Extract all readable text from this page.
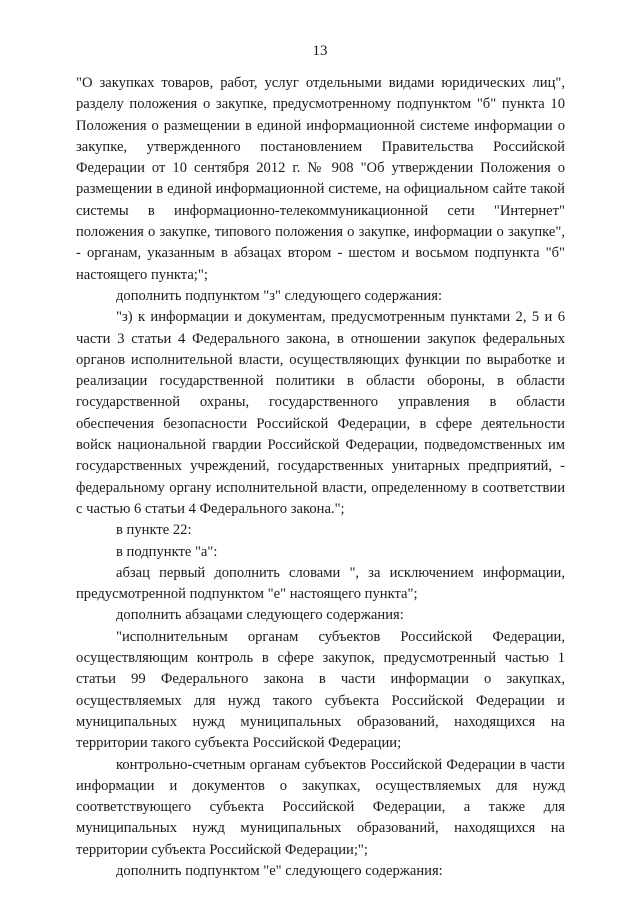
13

"О закупках товаров, работ, услуг отдельными видами юридических лиц", разделу положения о закупке, предусмотренному подпунктом "б" пункта 10 Положения о размещении в единой информационной системе информации о закупке, утвержденного постановлением Правительства Российской Федерации от 10 сентября 2012 г. № 908 "Об утверждении Положения о размещении в единой информационной системе, на официальном сайте такой системы в информационно-телекоммуникационной сети "Интернет" положения о закупке, типового положения о закупке, информации о закупке", - органам, указанным в абзацах втором - шестом и восьмом подпункта "б" настоящего пункта;";

дополнить подпунктом "з" следующего содержания:

"з) к информации и документам, предусмотренным пунктами 2, 5 и 6 части 3 статьи 4 Федерального закона, в отношении закупок федеральных органов исполнительной власти, осуществляющих функции по выработке и реализации государственной политики в области обороны, в области государственной охраны, государственного управления в области обеспечения безопасности Российской Федерации, в сфере деятельности войск национальной гвардии Российской Федерации, подведомственных им государственных учреждений, государственных унитарных предприятий, - федеральному органу исполнительной власти, определенному в соответствии с частью 6 статьи 4 Федерального закона.";

в пункте 22:

в подпункте "а":

абзац первый дополнить словами ", за исключением информации, предусмотренной подпунктом "е" настоящего пункта";

дополнить абзацами следующего содержания:

"исполнительным органам субъектов Российской Федерации, осуществляющим контроль в сфере закупок, предусмотренный частью 1 статьи 99 Федерального закона в части информации о закупках, осуществляемых для нужд такого субъекта Российской Федерации и муниципальных нужд муниципальных образований, находящихся на территории такого субъекта Российской Федерации;

контрольно-счетным органам субъектов Российской Федерации в части информации и документов о закупках, осуществляемых для нужд соответствующего субъекта Российской Федерации, а также для муниципальных нужд муниципальных образований, находящихся на территории субъекта Российской Федерации;";

дополнить подпунктом "е" следующего содержания:
